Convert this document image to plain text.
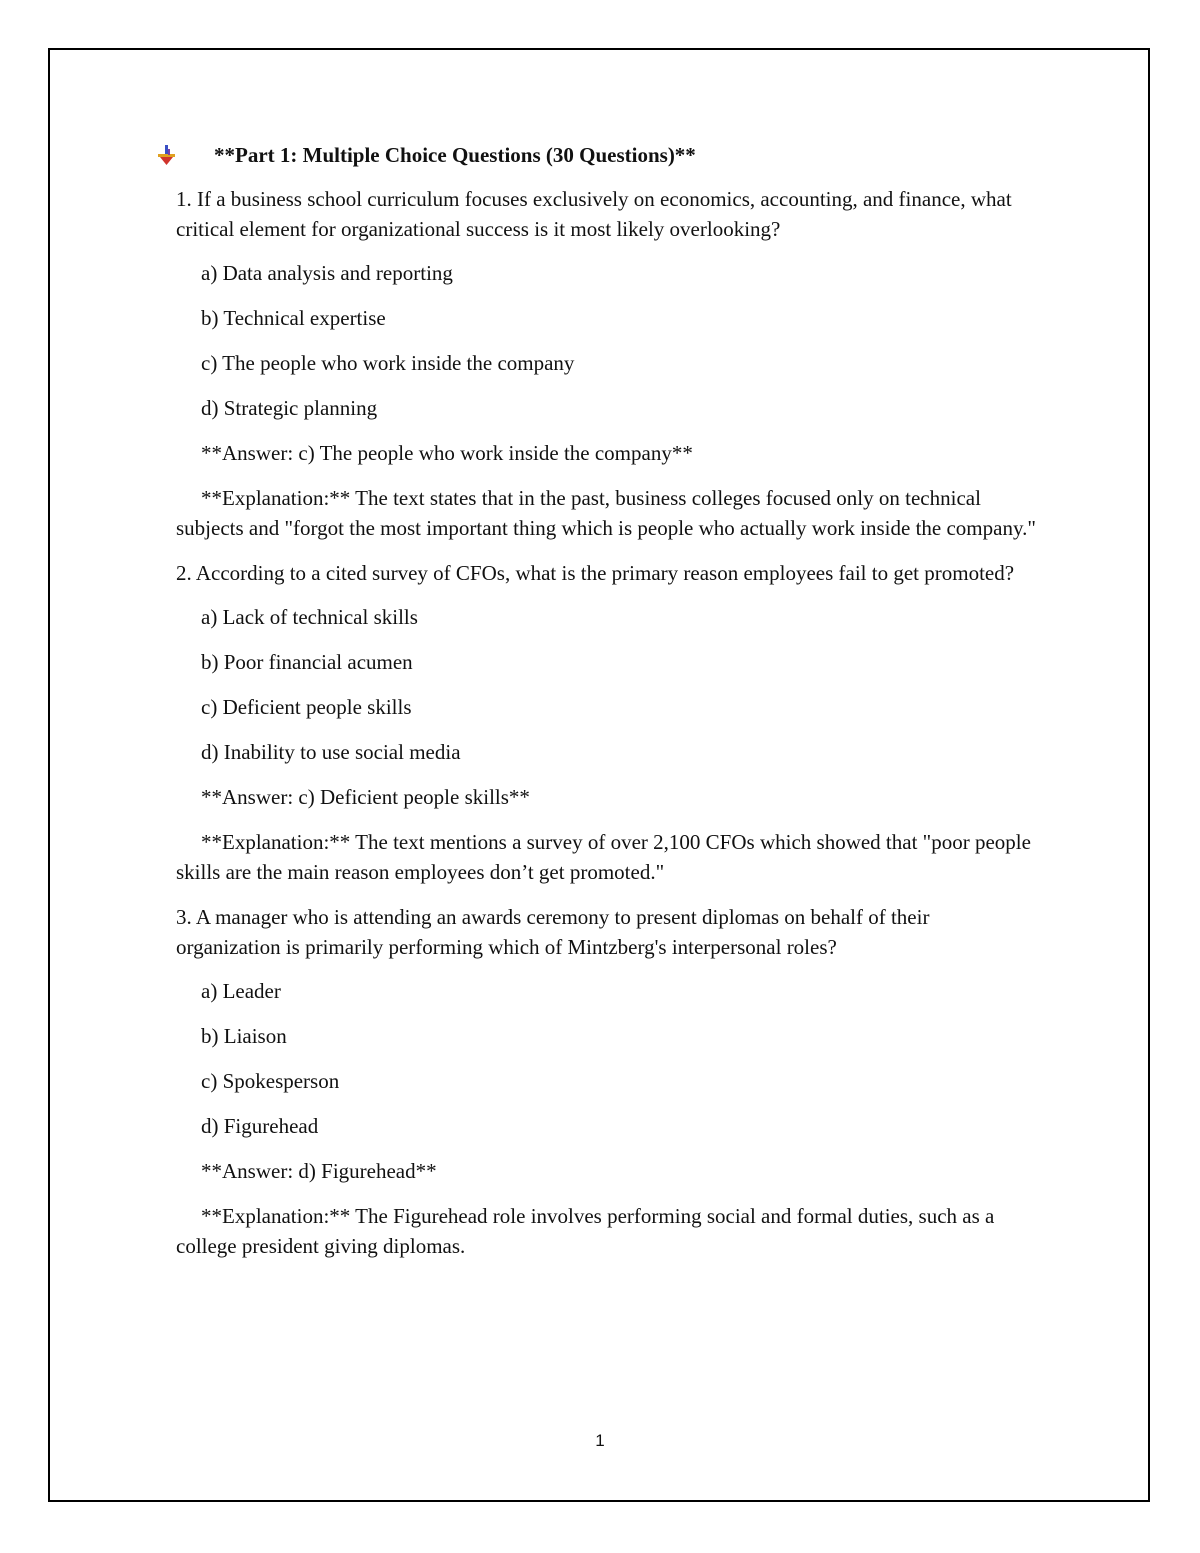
**Part 1: Multiple Choice Questions (30 Questions)**

1. If a business school curriculum focuses exclusively on economics, accounting, and finance, what critical element for organizational success is it most likely overlooking?

a) Data analysis and reporting

b) Technical expertise

c) The people who work inside the company

d) Strategic planning

**Answer: c) The people who work inside the company**

**Explanation:** The text states that in the past, business colleges focused only on technical subjects and "forgot the most important thing which is people who actually work inside the company."

2. According to a cited survey of CFOs, what is the primary reason employees fail to get promoted?

a) Lack of technical skills

b) Poor financial acumen

c) Deficient people skills

d) Inability to use social media

**Answer: c) Deficient people skills**

**Explanation:** The text mentions a survey of over 2,100 CFOs which showed that "poor people skills are the main reason employees don’t get promoted."

3. A manager who is attending an awards ceremony to present diplomas on behalf of their organization is primarily performing which of Mintzberg's interpersonal roles?

a) Leader

b) Liaison

c) Spokesperson

d) Figurehead

**Answer: d) Figurehead**

**Explanation:** The Figurehead role involves performing social and formal duties, such as a college president giving diplomas.

1
